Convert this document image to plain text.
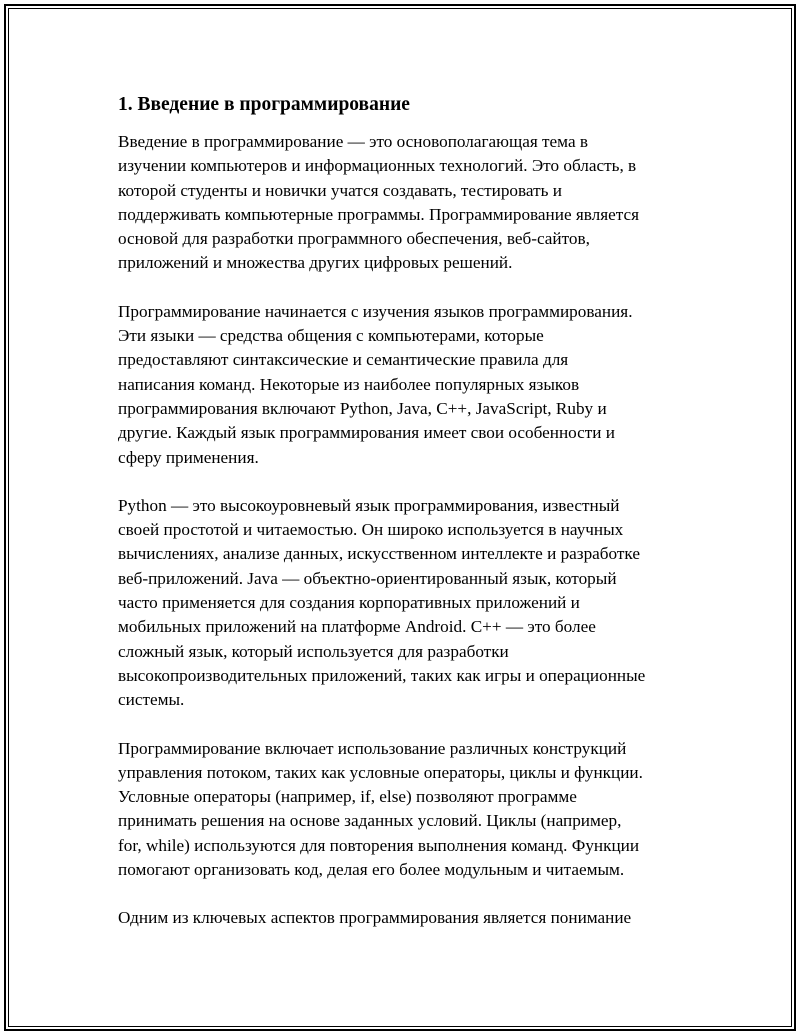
1. Введение в программирование

Введение в программирование — это основополагающая тема в
изучении компьютеров и информационных технологий. Это область, в
которой студенты и новички учатся создавать, тестировать и
поддерживать компьютерные программы. Программирование является
основой для разработки программного обеспечения, веб-сайтов,
приложений и множества других цифровых решений.

Программирование начинается с изучения языков программирования.
Эти языки — средства общения с компьютерами, которые
предоставляют синтаксические и семантические правила для
написания команд. Некоторые из наиболее популярных языков
программирования включают Python, Java, C++, JavaScript, Ruby и
другие. Каждый язык программирования имеет свои особенности и
сферу применения.

Python — это высокоуровневый язык программирования, известный
своей простотой и читаемостью. Он широко используется в научных
вычислениях, анализе данных, искусственном интеллекте и разработке
веб-приложений. Java — объектно-ориентированный язык, который
часто применяется для создания корпоративных приложений и
мобильных приложений на платформе Android. C++ — это более
сложный язык, который используется для разработки
высокопроизводительных приложений, таких как игры и операционные
системы.

Программирование включает использование различных конструкций
управления потоком, таких как условные операторы, циклы и функции.
Условные операторы (например, if, else) позволяют программе
принимать решения на основе заданных условий. Циклы (например,
for, while) используются для повторения выполнения команд. Функции
помогают организовать код, делая его более модульным и читаемым.

Одним из ключевых аспектов программирования является понимание
